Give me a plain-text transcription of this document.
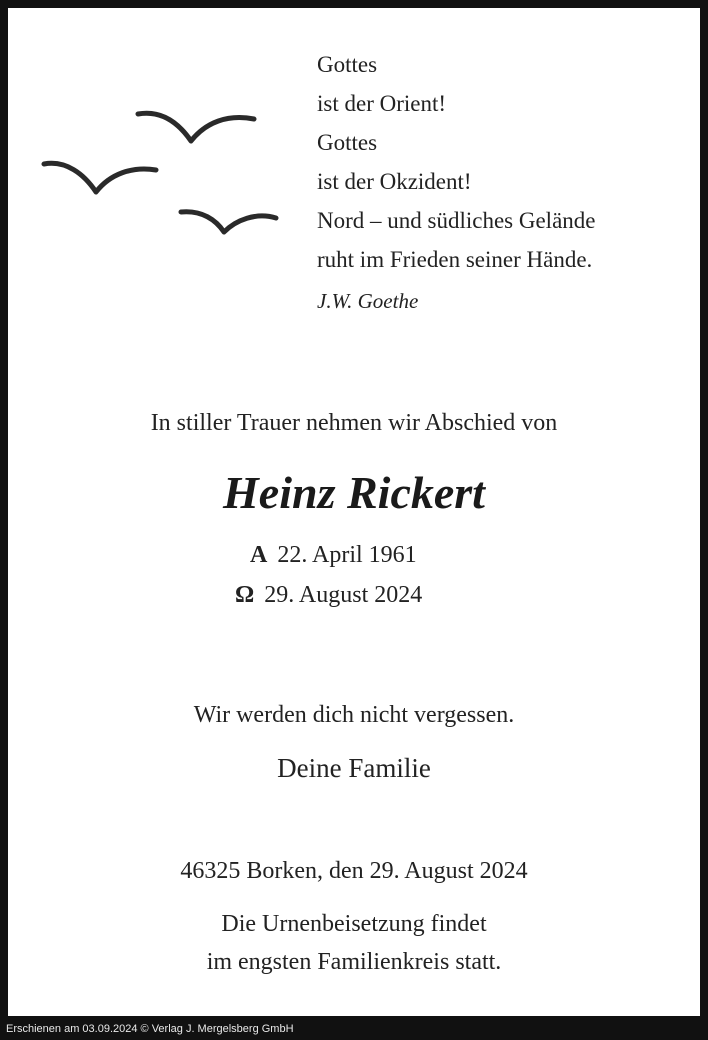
Gottes
ist der Orient!
Gottes
ist der Okzident!
Nord – und südliches Gelände
ruht im Frieden seiner Hände.
J.W. Goethe
In stiller Trauer nehmen wir Abschied von
Heinz Rickert
A 22. April 1961
Ω 29. August 2024
Wir werden dich nicht vergessen.
Deine Familie
46325 Borken, den 29. August 2024
Die Urnenbeisetzung findet
im engsten Familienkreis statt.
Erschienen am 03.09.2024 © Verlag J. Mergelsberg GmbH
